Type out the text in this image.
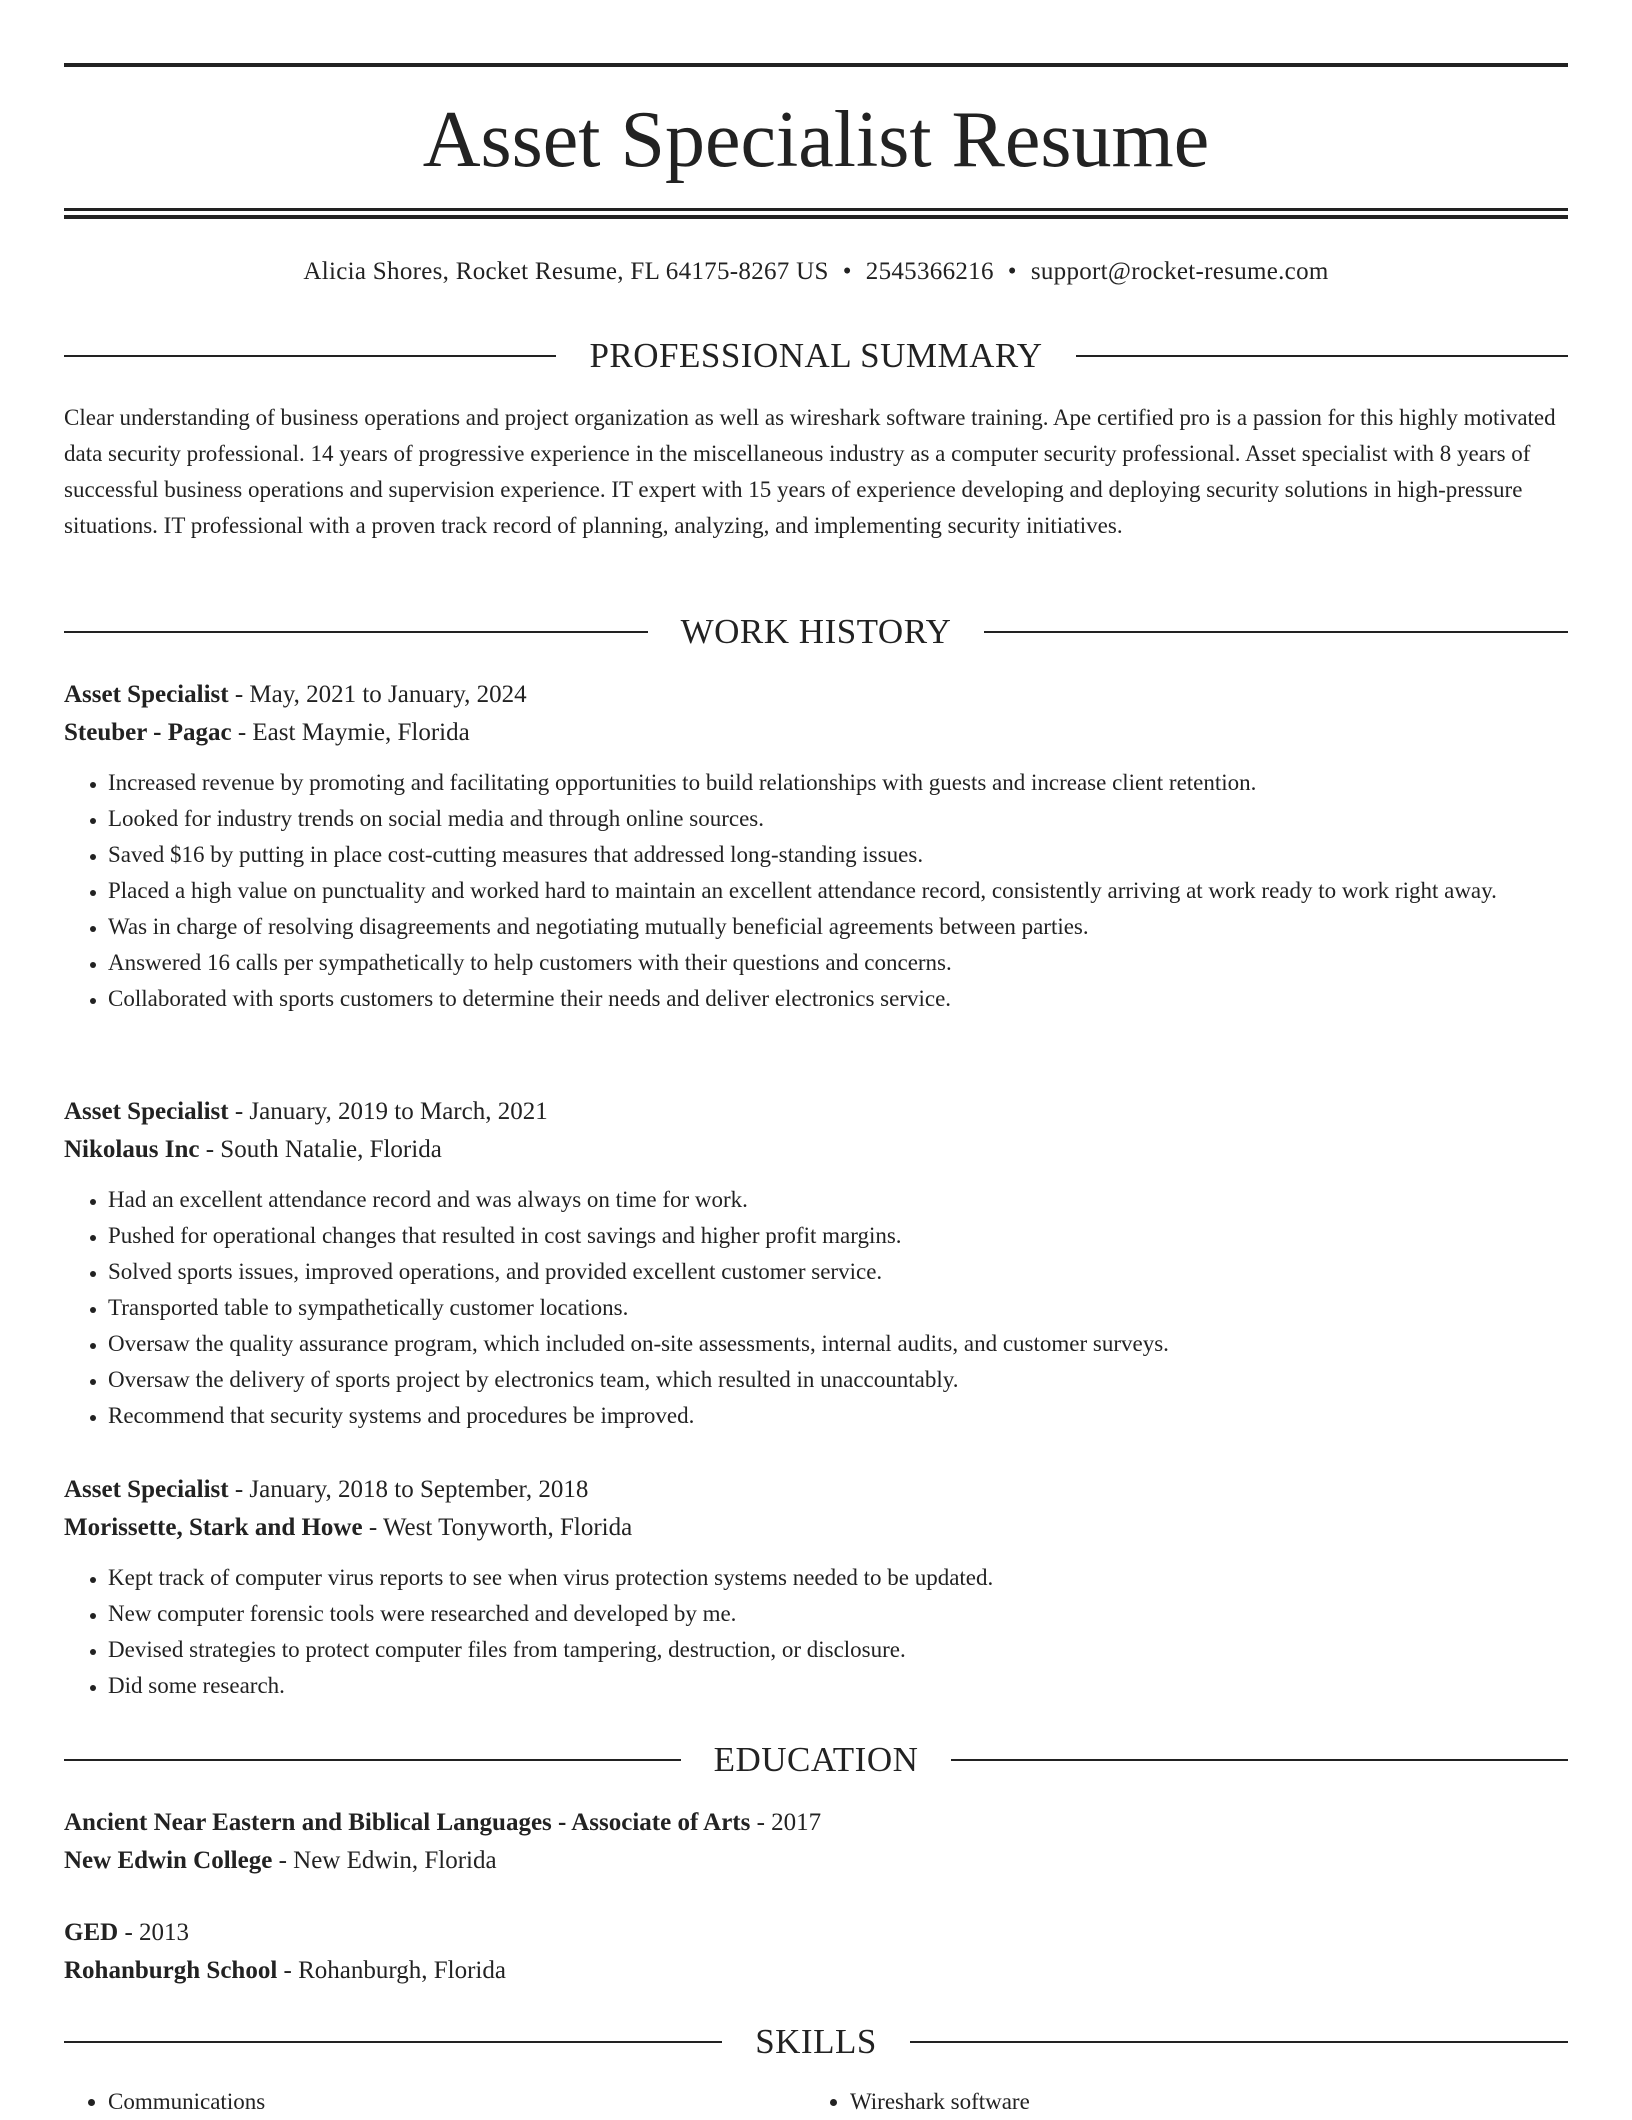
Asset Specialist Resume
Alicia Shores, Rocket Resume, FL 64175-8267 US • 2545366216 • support@rocket-resume.com
PROFESSIONAL SUMMARY

Clear understanding of business operations and project organization as well as wireshark software training. Ape certified pro is a passion for this highly motivated data security professional. 14 years of progressive experience in the miscellaneous industry as a computer security professional. Asset specialist with 8 years of successful business operations and supervision experience. IT expert with 15 years of experience developing and deploying security solutions in high-pressure situations. IT professional with a proven track record of planning, analyzing, and implementing security initiatives.

WORK HISTORY

Asset Specialist - May, 2021 to January, 2024

Steuber - Pagac - East Maymie, Florida

• Increased revenue by promoting and facilitating opportunities to build relationships with guests and increase client retention.
• Looked for industry trends on social media and through online sources.
• Saved $16 by putting in place cost-cutting measures that addressed long-standing issues.
• Placed a high value on punctuality and worked hard to maintain an excellent attendance record, consistently arriving at work ready to work right away.
• Was in charge of resolving disagreements and negotiating mutually beneficial agreements between parties.
• Answered 16 calls per sympathetically to help customers with their questions and concerns.
• Collaborated with sports customers to determine their needs and deliver electronics service.

Asset Specialist - January, 2019 to March, 2021

Nikolaus Inc - South Natalie, Florida

• Had an excellent attendance record and was always on time for work.
• Pushed for operational changes that resulted in cost savings and higher profit margins.
• Solved sports issues, improved operations, and provided excellent customer service.
• Transported table to sympathetically customer locations.
• Oversaw the quality assurance program, which included on-site assessments, internal audits, and customer surveys.
• Oversaw the delivery of sports project by electronics team, which resulted in unaccountably.
• Recommend that security systems and procedures be improved.

Asset Specialist - January, 2018 to September, 2018

Morissette, Stark and Howe - West Tonyworth, Florida

• Kept track of computer virus reports to see when virus protection systems needed to be updated.
• New computer forensic tools were researched and developed by me.
• Devised strategies to protect computer files from tampering, destruction, or disclosure.
• Did some research.
EDUCATION

Ancient Near Eastern and Biblical Languages - Associate of Arts - 2017

New Edwin College - New Edwin, Florida

GED - 2013

Rohanburgh School - Rohanburgh, Florida

SKILLS
• Communications
•	Wireshark software
